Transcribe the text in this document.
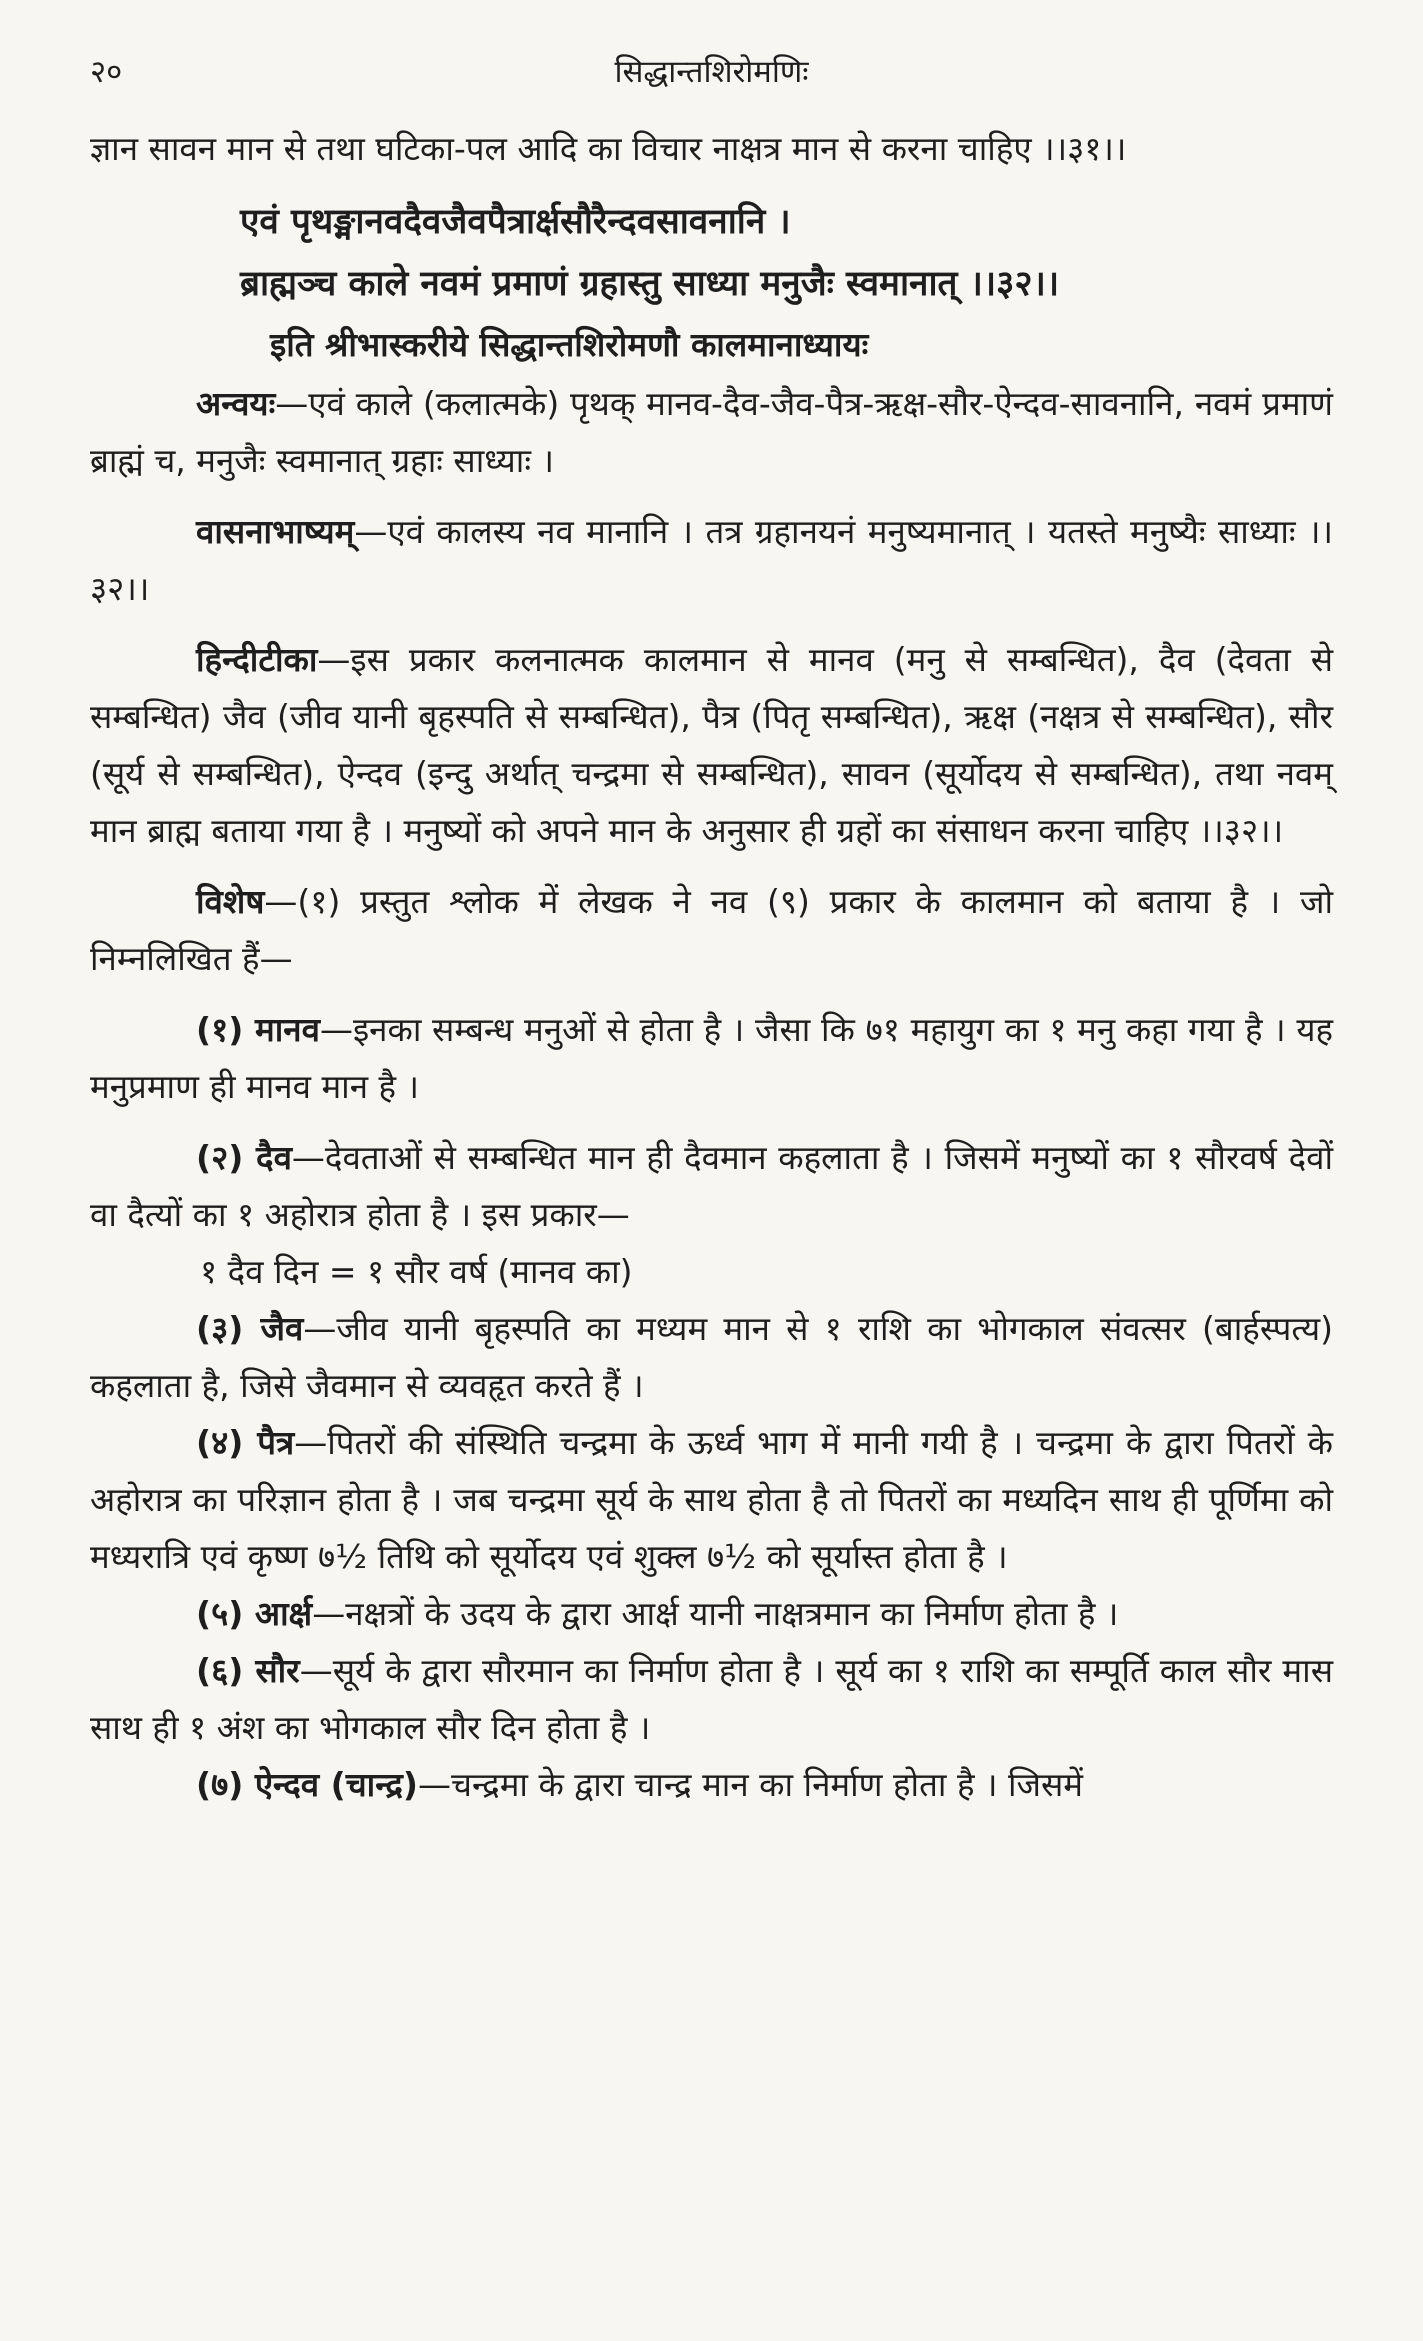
२०	सिद्धान्तशिरोमणिः

ज्ञान सावन मान से तथा घटिका-पल आदि का विचार नाक्षत्र मान से करना चाहिए ।।३१।।

एवं पृथङ्मानवदैवजैवपैत्रार्क्षसौरैन्दवसावनानि ।

ब्राह्मञ्च काले नवमं प्रमाणं ग्रहास्तु साध्या मनुजैः स्वमानात् ।।३२।।

इति श्रीभास्करीये सिद्धान्तशिरोमणौ कालमानाध्यायः

अन्वयः—एवं काले (कलात्मके) पृथक् मानव-दैव-जैव-पैत्र-ऋक्ष-सौर-ऐन्दव-सावनानि, नवमं प्रमाणं ब्राह्मं च, मनुजैः स्वमानात् ग्रहाः साध्याः ।

वासनाभाष्यम्—एवं कालस्य नव मानानि । तत्र ग्रहानयनं मनुष्यमानात् । यतस्ते मनुष्यैः साध्याः ।।३२।।

हिन्दीटीका—इस प्रकार कलनात्मक कालमान से मानव (मनु से सम्बन्धित), दैव (देवता से सम्बन्धित) जैव (जीव यानी बृहस्पति से सम्बन्धित), पैत्र (पितृ सम्बन्धित), ऋक्ष (नक्षत्र से सम्बन्धित), सौर (सूर्य से सम्बन्धित), ऐन्दव (इन्दु अर्थात् चन्द्रमा से सम्बन्धित), सावन (सूर्योदय से सम्बन्धित), तथा नवम् मान ब्राह्म बताया गया है । मनुष्यों को अपने मान के अनुसार ही ग्रहों का संसाधन करना चाहिए ।।३२।।

विशेष—(१) प्रस्तुत श्लोक में लेखक ने नव (९) प्रकार के कालमान को बताया है । जो निम्नलिखित हैं—

(१) मानव—इनका सम्बन्ध मनुओं से होता है । जैसा कि ७१ महायुग का १ मनु कहा गया है । यह मनुप्रमाण ही मानव मान है ।

(२) दैव—देवताओं से सम्बन्धित मान ही दैवमान कहलाता है । जिसमें मनुष्यों का १ सौरवर्ष देवों वा दैत्यों का १ अहोरात्र होता है । इस प्रकार—

१ दैव दिन = १ सौर वर्ष (मानव का)

(३) जैव—जीव यानी बृहस्पति का मध्यम मान से १ राशि का भोगकाल संवत्सर (बार्हस्पत्य) कहलाता है, जिसे जैवमान से व्यवहृत करते हैं ।

(४) पैत्र—पितरों की संस्थिति चन्द्रमा के ऊर्ध्व भाग में मानी गयी है । चन्द्रमा के द्वारा पितरों के अहोरात्र का परिज्ञान होता है । जब चन्द्रमा सूर्य के साथ होता है तो पितरों का मध्यदिन साथ ही पूर्णिमा को मध्यरात्रि एवं कृष्ण ७½ तिथि को सूर्योदय एवं शुक्ल ७½ को सूर्यास्त होता है ।

(५) आर्क्ष—नक्षत्रों के उदय के द्वारा आर्क्ष यानी नाक्षत्रमान का निर्माण होता है ।

(६) सौर—सूर्य के द्वारा सौरमान का निर्माण होता है । सूर्य का १ राशि का सम्पूर्ति काल सौर मास साथ ही १ अंश का भोगकाल सौर दिन होता है ।

(७) ऐन्दव (चान्द्र)—चन्द्रमा के द्वारा चान्द्र मान का निर्माण होता है । जिसमें
